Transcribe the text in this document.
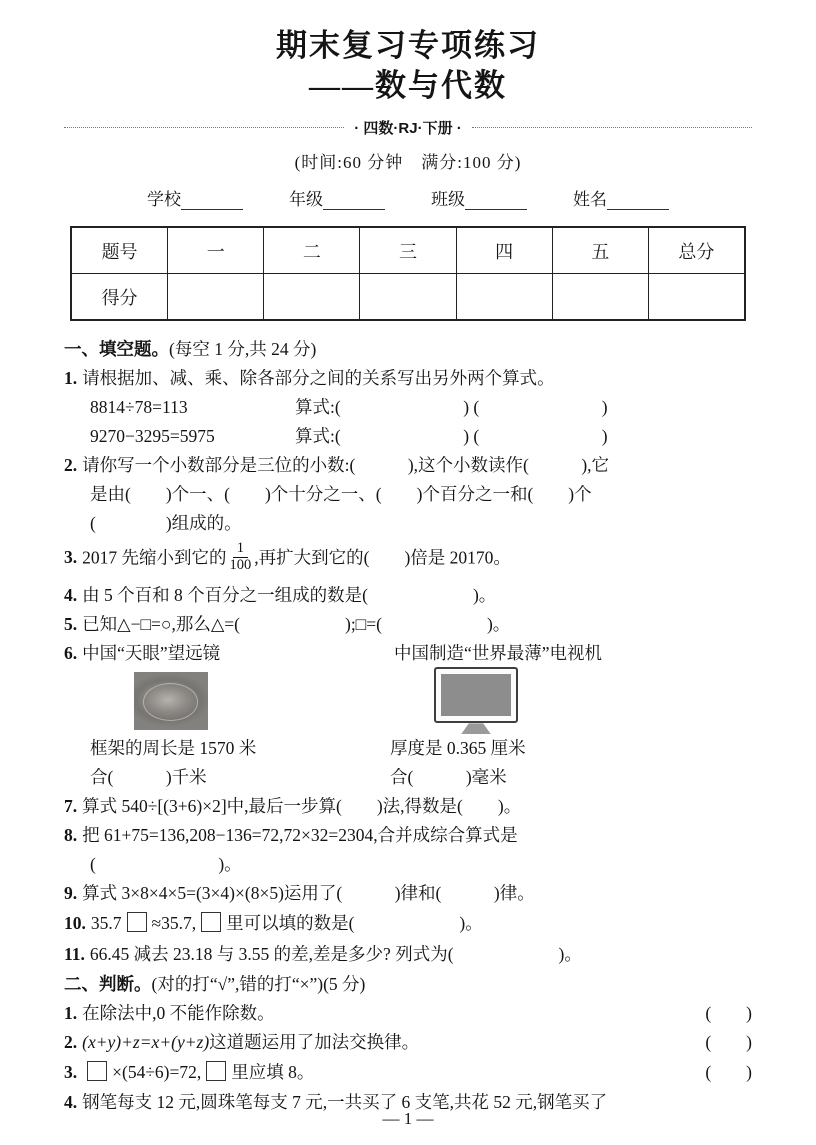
期末复习专项练习
——数与代数
· 四数·RJ·下册 ·
(时间:60 分钟　满分:100 分)
学校	年级	班级	姓名
题号	一	二	三	四	五	总分
得分						
一、填空题。(每空 1 分,共 24 分)
1. 请根据加、减、乘、除各部分之间的关系写出另外两个算式。
8814÷78=113	算式:(　　　　　　　) (　　　　　　　)
9270−3295=5975	算式:(　　　　　　　) (　　　　　　　)
2. 请你写一个小数部分是三位的小数:(　　　),这个小数读作(　　　),它
是由(　　)个一、(　　)个十分之一、(　　)个百分之一和(　　)个
(　　　　)组成的。
3. 2017 先缩小到它的 $\frac{1}{100}$ ,再扩大到它的(　　)倍是 20170。
4. 由 5 个百和 8 个百分之一组成的数是(　　　　　　)。
5. 已知△−□=○,那么△=(　　　　　　);□=(　　　　　　)。
6. 中国“天眼”望远镜	中国制造“世界最薄”电视机
框架的周长是 1570 米	厚度是 0.365 厘米
合(　　　)千米	合(　　　)毫米
7. 算式 540÷[(3+6)×2]中,最后一步算(　　)法,得数是(　　)。
8. 把 61+75=136,208−136=72,72×32=2304,合并成综合算式是
(　　　　　　　)。
9. 算式 3×8×4×5=(3×4)×(8×5)运用了(　　　)律和(　　　)律。
10. 35.7 ≈35.7, 里可以填的数是(　　　　　　)。
11. 66.45 减去 23.18 与 3.55 的差,差是多少? 列式为(　　　　　　)。
二、判断。(对的打“√”,错的打“×”)(5 分)
1. 在除法中,0 不能作除数。	(　　)
2. (x+y)+z=x+(y+z)这道题运用了加法交换律。	(　　)
3. ×(54÷6)=72, 里应填 8。	(　　)
4. 钢笔每支 12 元,圆珠笔每支 7 元,一共买了 6 支笔,共花 52 元,钢笔买了
— 1 —
